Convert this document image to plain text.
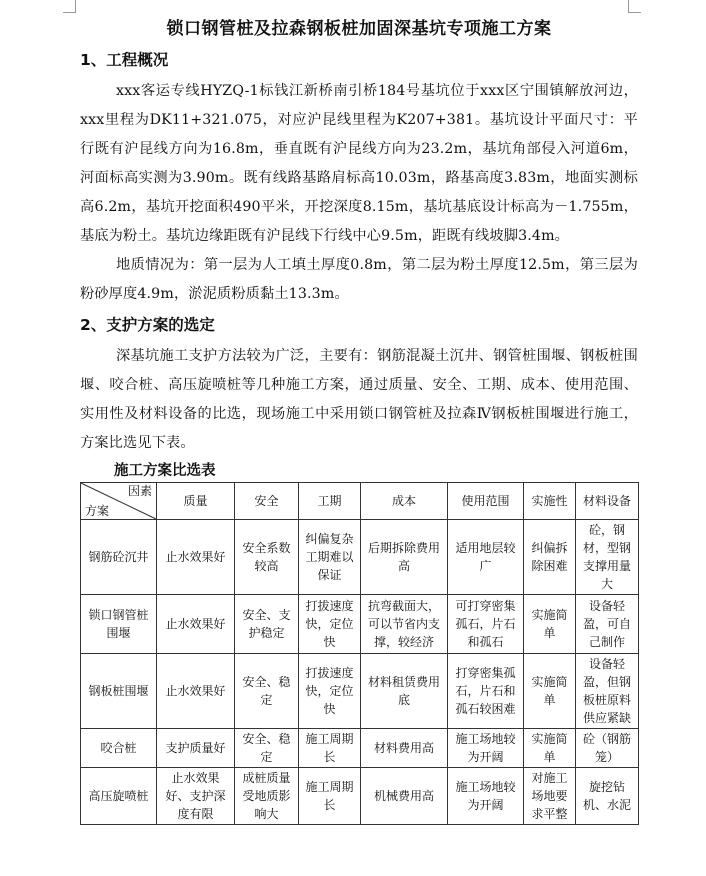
锁口钢管桩及拉森钢板桩加固深基坑专项施工方案
1、工程概况

xxx客运专线HYZQ-1标钱江新桥南引桥184号基坑位于xxx区宁围镇解放河边，xxx里程为DK11+321.075，对应沪昆线里程为K207+381。基坑设计平面尺寸：平行既有沪昆线方向为16.8m，垂直既有沪昆线方向为23.2m，基坑角部侵入河道6m，河面标高实测为3.90m。既有线路基路肩标高10.03m，路基高度3.83m，地面实测标高6.2m，基坑开挖面积490平米，开挖深度8.15m，基坑基底设计标高为－1.755m，基底为粉土。基坑边缘距既有沪昆线下行线中心9.5m，距既有线坡脚3.4m。

地质情况为：第一层为人工填土厚度0.8m，第二层为粉土厚度12.5m，第三层为粉砂厚度4.9m，淤泥质粉质黏土13.3m。

2、支护方案的选定

深基坑施工支护方法较为广泛，主要有：钢筋混凝土沉井、钢管桩围堰、钢板桩围堰、咬合桩、高压旋喷桩等几种施工方案，通过质量、安全、工期、成本、使用范围、实用性及材料设备的比选，现场施工中采用锁口钢管桩及拉森Ⅳ钢板桩围堰进行施工，方案比选见下表。

施工方案比选表
因素
方案	质量	安全	工期	成本	使用范围	实施性	材料设备
钢筋砼沉井	止水效果好	安全系数较高	纠偏复杂工期难以保证	后期拆除费用高	适用地层较广	纠偏拆除困难	砼，钢材，型钢支撑用量大
锁口钢管桩围堰	止水效果好	安全、支护稳定	打拔速度快，定位快	抗弯截面大，可以节省内支撑，较经济	可打穿密集孤石，片石和孤石	实施简单	设备轻盈，可自己制作
钢板桩围堰	止水效果好	安全、稳定	打拔速度快，定位快	材料租赁费用底	打穿密集孤石，片石和孤石较困难	实施简单	设备轻盈，但钢板桩原料供应紧缺
咬合桩	支护质量好	安全、稳定	施工周期长	材料费用高	施工场地较为开阔	实施简单	砼（钢筋笼）
高压旋喷桩	止水效果好、支护深度有限	成桩质量受地质影响大	施工周期长	机械费用高	施工场地较为开阔	对施工场地要求平整	旋挖钻机、水泥
